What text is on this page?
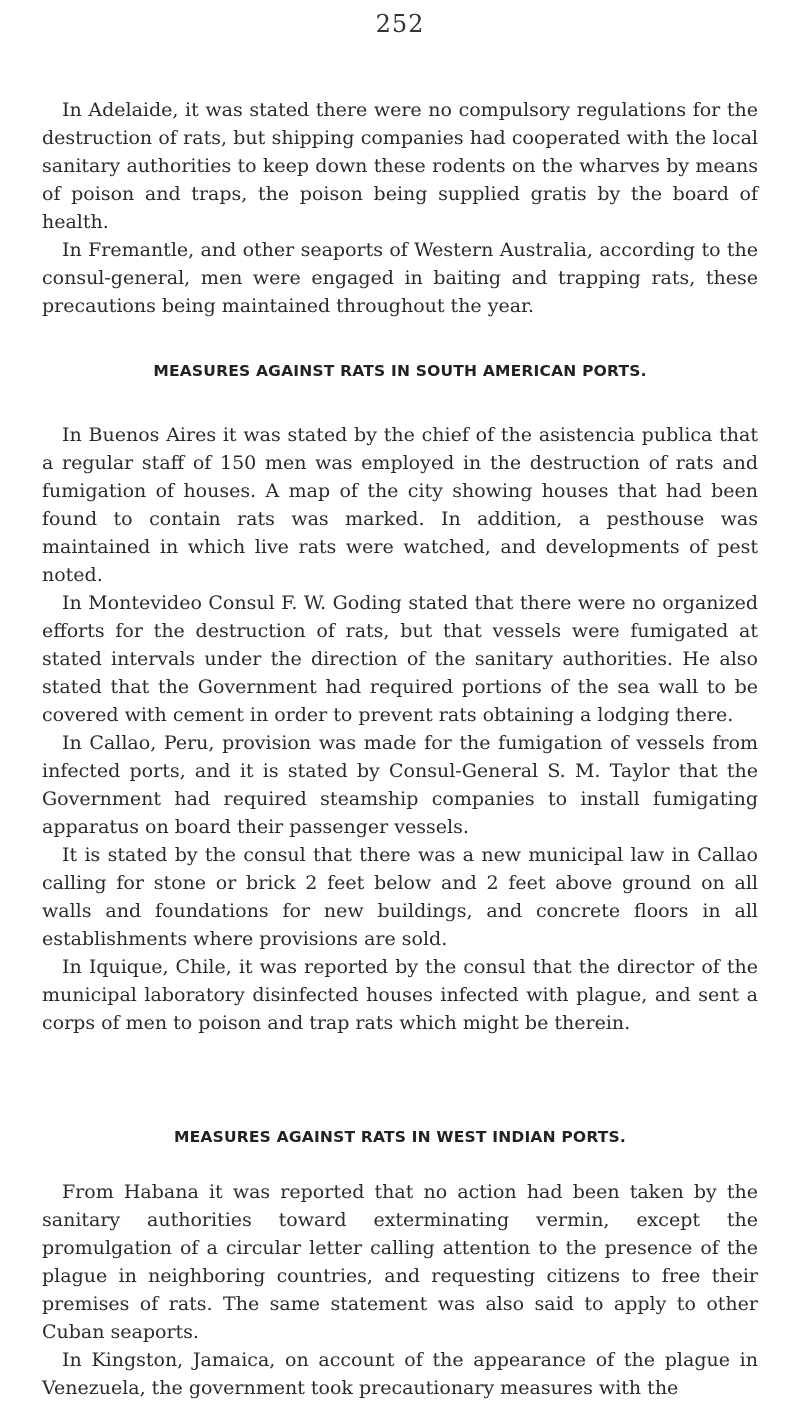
252

In Adelaide, it was stated there were no compulsory regulations for the destruction of rats, but shipping companies had cooperated with the local sanitary authorities to keep down these rodents on the wharves by means of poison and traps, the poison being supplied gratis by the board of health.

In Fremantle, and other seaports of Western Australia, according to the consul-general, men were engaged in baiting and trapping rats, these precautions being maintained throughout the year.

MEASURES AGAINST RATS IN SOUTH AMERICAN PORTS.

In Buenos Aires it was stated by the chief of the asistencia publica that a regular staff of 150 men was employed in the destruction of rats and fumigation of houses. A map of the city showing houses that had been found to contain rats was marked. In addition, a pesthouse was maintained in which live rats were watched, and developments of pest noted.

In Montevideo Consul F. W. Goding stated that there were no organized efforts for the destruction of rats, but that vessels were fumigated at stated intervals under the direction of the sanitary authorities. He also stated that the Government had required portions of the sea wall to be covered with cement in order to prevent rats obtaining a lodging there.

In Callao, Peru, provision was made for the fumigation of vessels from infected ports, and it is stated by Consul-General S. M. Taylor that the Government had required steamship companies to install fumigating apparatus on board their passenger vessels.

It is stated by the consul that there was a new municipal law in Callao calling for stone or brick 2 feet below and 2 feet above ground on all walls and foundations for new buildings, and concrete floors in all establishments where provisions are sold.

In Iquique, Chile, it was reported by the consul that the director of the municipal laboratory disinfected houses infected with plague, and sent a corps of men to poison and trap rats which might be therein.

MEASURES AGAINST RATS IN WEST INDIAN PORTS.

From Habana it was reported that no action had been taken by the sanitary authorities toward exterminating vermin, except the promulgation of a circular letter calling attention to the presence of the plague in neighboring countries, and requesting citizens to free their premises of rats. The same statement was also said to apply to other Cuban seaports.

In Kingston, Jamaica, on account of the appearance of the plague in Venezuela, the government took precautionary measures with the
